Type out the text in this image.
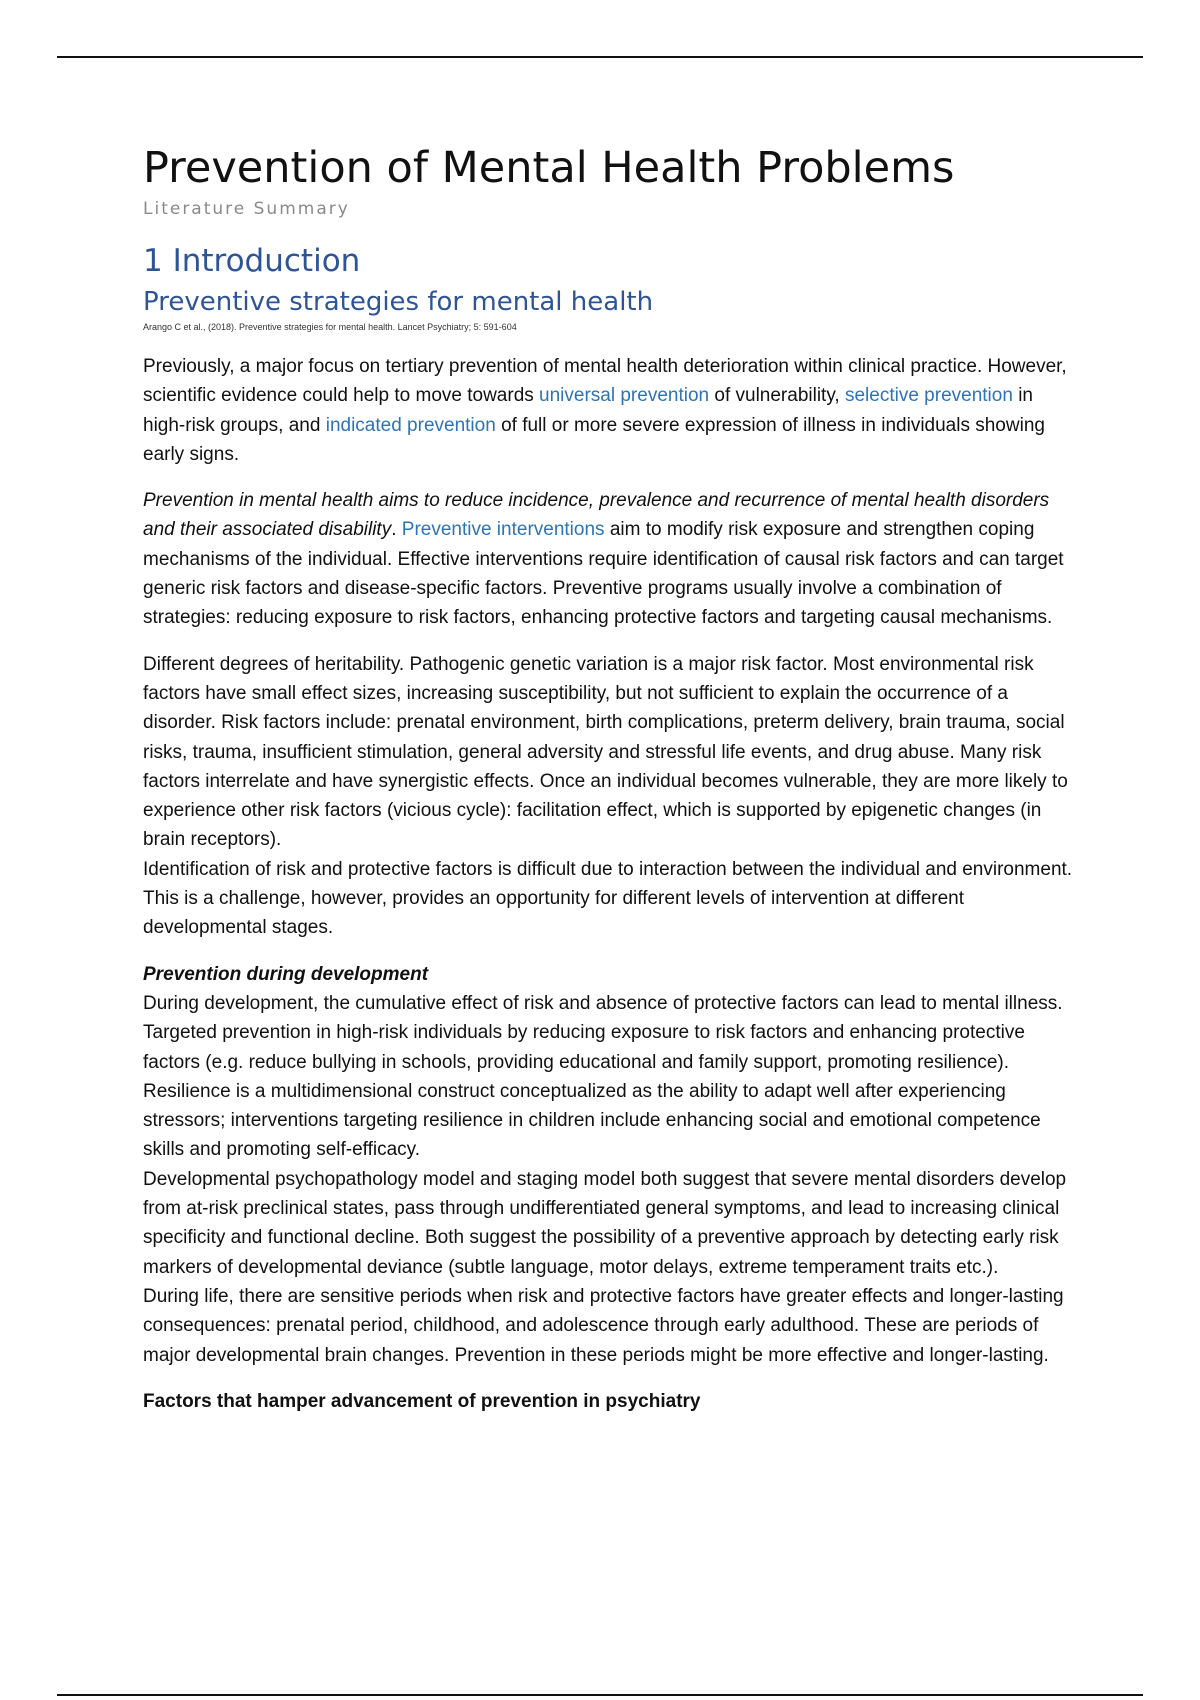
Prevention of Mental Health Problems
Literature Summary
1 Introduction
Preventive strategies for mental health
Arango C et al., (2018). Preventive strategies for mental health. Lancet Psychiatry; 5: 591-604

Previously, a major focus on tertiary prevention of mental health deterioration within clinical practice. However, scientific evidence could help to move towards universal prevention of vulnerability, selective prevention in high-risk groups, and indicated prevention of full or more severe expression of illness in individuals showing early signs.

Prevention in mental health aims to reduce incidence, prevalence and recurrence of mental health disorders and their associated disability. Preventive interventions aim to modify risk exposure and strengthen coping mechanisms of the individual. Effective interventions require identification of causal risk factors and can target generic risk factors and disease-specific factors. Preventive programs usually involve a combination of strategies: reducing exposure to risk factors, enhancing protective factors and targeting causal mechanisms.

Different degrees of heritability. Pathogenic genetic variation is a major risk factor. Most environmental risk factors have small effect sizes, increasing susceptibility, but not sufficient to explain the occurrence of a disorder. Risk factors include: prenatal environment, birth complications, preterm delivery, brain trauma, social risks, trauma, insufficient stimulation, general adversity and stressful life events, and drug abuse. Many risk factors interrelate and have synergistic effects. Once an individual becomes vulnerable, they are more likely to experience other risk factors (vicious cycle): facilitation effect, which is supported by epigenetic changes (in brain receptors).

Identification of risk and protective factors is difficult due to interaction between the individual and environment. This is a challenge, however, provides an opportunity for different levels of intervention at different developmental stages.

Prevention during development

During development, the cumulative effect of risk and absence of protective factors can lead to mental illness. Targeted prevention in high-risk individuals by reducing exposure to risk factors and enhancing protective factors (e.g. reduce bullying in schools, providing educational and family support, promoting resilience). Resilience is a multidimensional construct conceptualized as the ability to adapt well after experiencing stressors; interventions targeting resilience in children include enhancing social and emotional competence skills and promoting self-efficacy.

Developmental psychopathology model and staging model both suggest that severe mental disorders develop from at-risk preclinical states, pass through undifferentiated general symptoms, and lead to increasing clinical specificity and functional decline. Both suggest the possibility of a preventive approach by detecting early risk markers of developmental deviance (subtle language, motor delays, extreme temperament traits etc.).

During life, there are sensitive periods when risk and protective factors have greater effects and longer-lasting consequences: prenatal period, childhood, and adolescence through early adulthood. These are periods of major developmental brain changes. Prevention in these periods might be more effective and longer-lasting.

Factors that hamper advancement of prevention in psychiatry
